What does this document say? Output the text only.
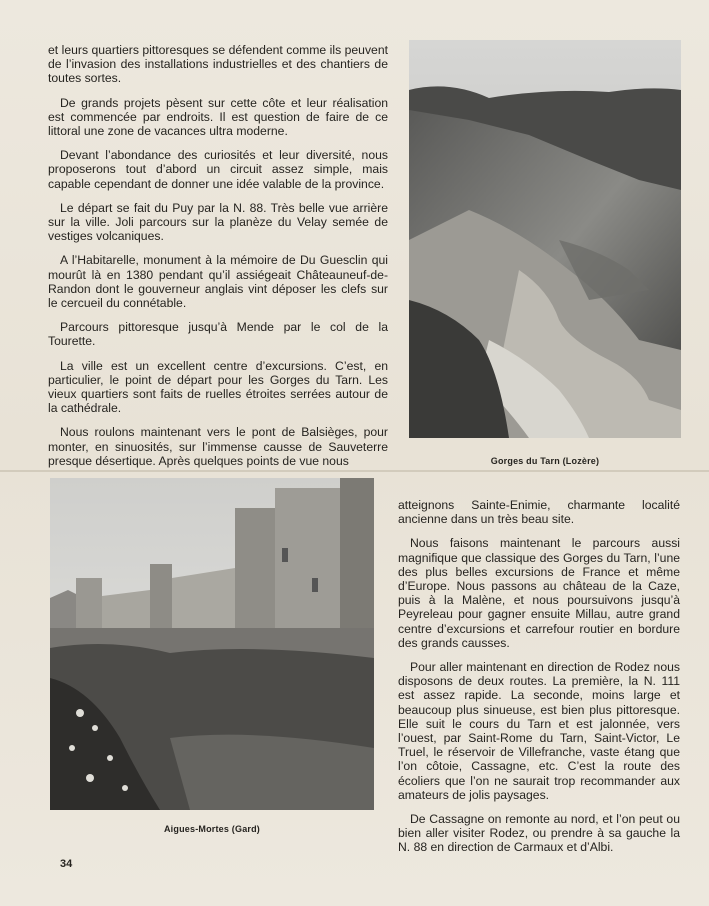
et leurs quartiers pittoresques se défendent comme ils peuvent de l’invasion des installations industrielles et des chantiers de toutes sortes.

De grands projets pèsent sur cette côte et leur réalisation est commencée par endroits. Il est question de faire de ce littoral une zone de vacances ultra moderne.

Devant l’abondance des curiosités et leur diversité, nous proposerons tout d’abord un circuit assez simple, mais capable cependant de donner une idée valable de la province.

Le départ se fait du Puy par la N. 88. Très belle vue arrière sur la ville. Joli parcours sur la planèze du Velay semée de vestiges volcaniques.

A l’Habitarelle, monument à la mémoire de Du Guesclin qui mourût là en 1380 pendant qu’il assiégeait Châteauneuf-de-Randon dont le gouverneur anglais vint déposer les clefs sur le cercueil du connétable.

Parcours pittoresque jusqu’à Mende par le col de la Tourette.

La ville est un excellent centre d’excursions. C’est, en particulier, le point de départ pour les Gorges du Tarn. Les vieux quartiers sont faits de ruelles étroites serrées autour de la cathédrale.

Nous roulons maintenant vers le pont de Balsièges, pour monter, en sinuosités, sur l’immense causse de Sauveterre presque désertique. Après quelques points de vue nous	Gorges du Tarn (Lozère)
Aigues-Mortes (Gard)

atteignons Sainte-Enimie, charmante localité ancienne dans un très beau site.

Nous faisons maintenant le parcours aussi magnifique que classique des Gorges du Tarn, l’une des plus belles excursions de France et même d’Europe. Nous passons au château de la Caze, puis à la Malène, et nous poursuivons jusqu’à Peyreleau pour gagner ensuite Millau, autre grand centre d’excursions et carrefour routier en bordure des grands causses.

Pour aller maintenant en direction de Rodez nous disposons de deux routes. La première, la N. 111 est assez rapide. La seconde, moins large et beaucoup plus sinueuse, est bien plus pittoresque. Elle suit le cours du Tarn et est jalonnée, vers l’ouest, par Saint-Rome du Tarn, Saint-Victor, Le Truel, le réservoir de Villefranche, vaste étang que l’on côtoie, Cassagne, etc. C’est la route des écoliers que l’on ne saurait trop recommander aux amateurs de jolis paysages.

De Cassagne on remonte au nord, et l’on peut ou bien aller visiter Rodez, ou prendre à sa gauche la N. 88 en direction de Carmaux et d’Albi.

34
